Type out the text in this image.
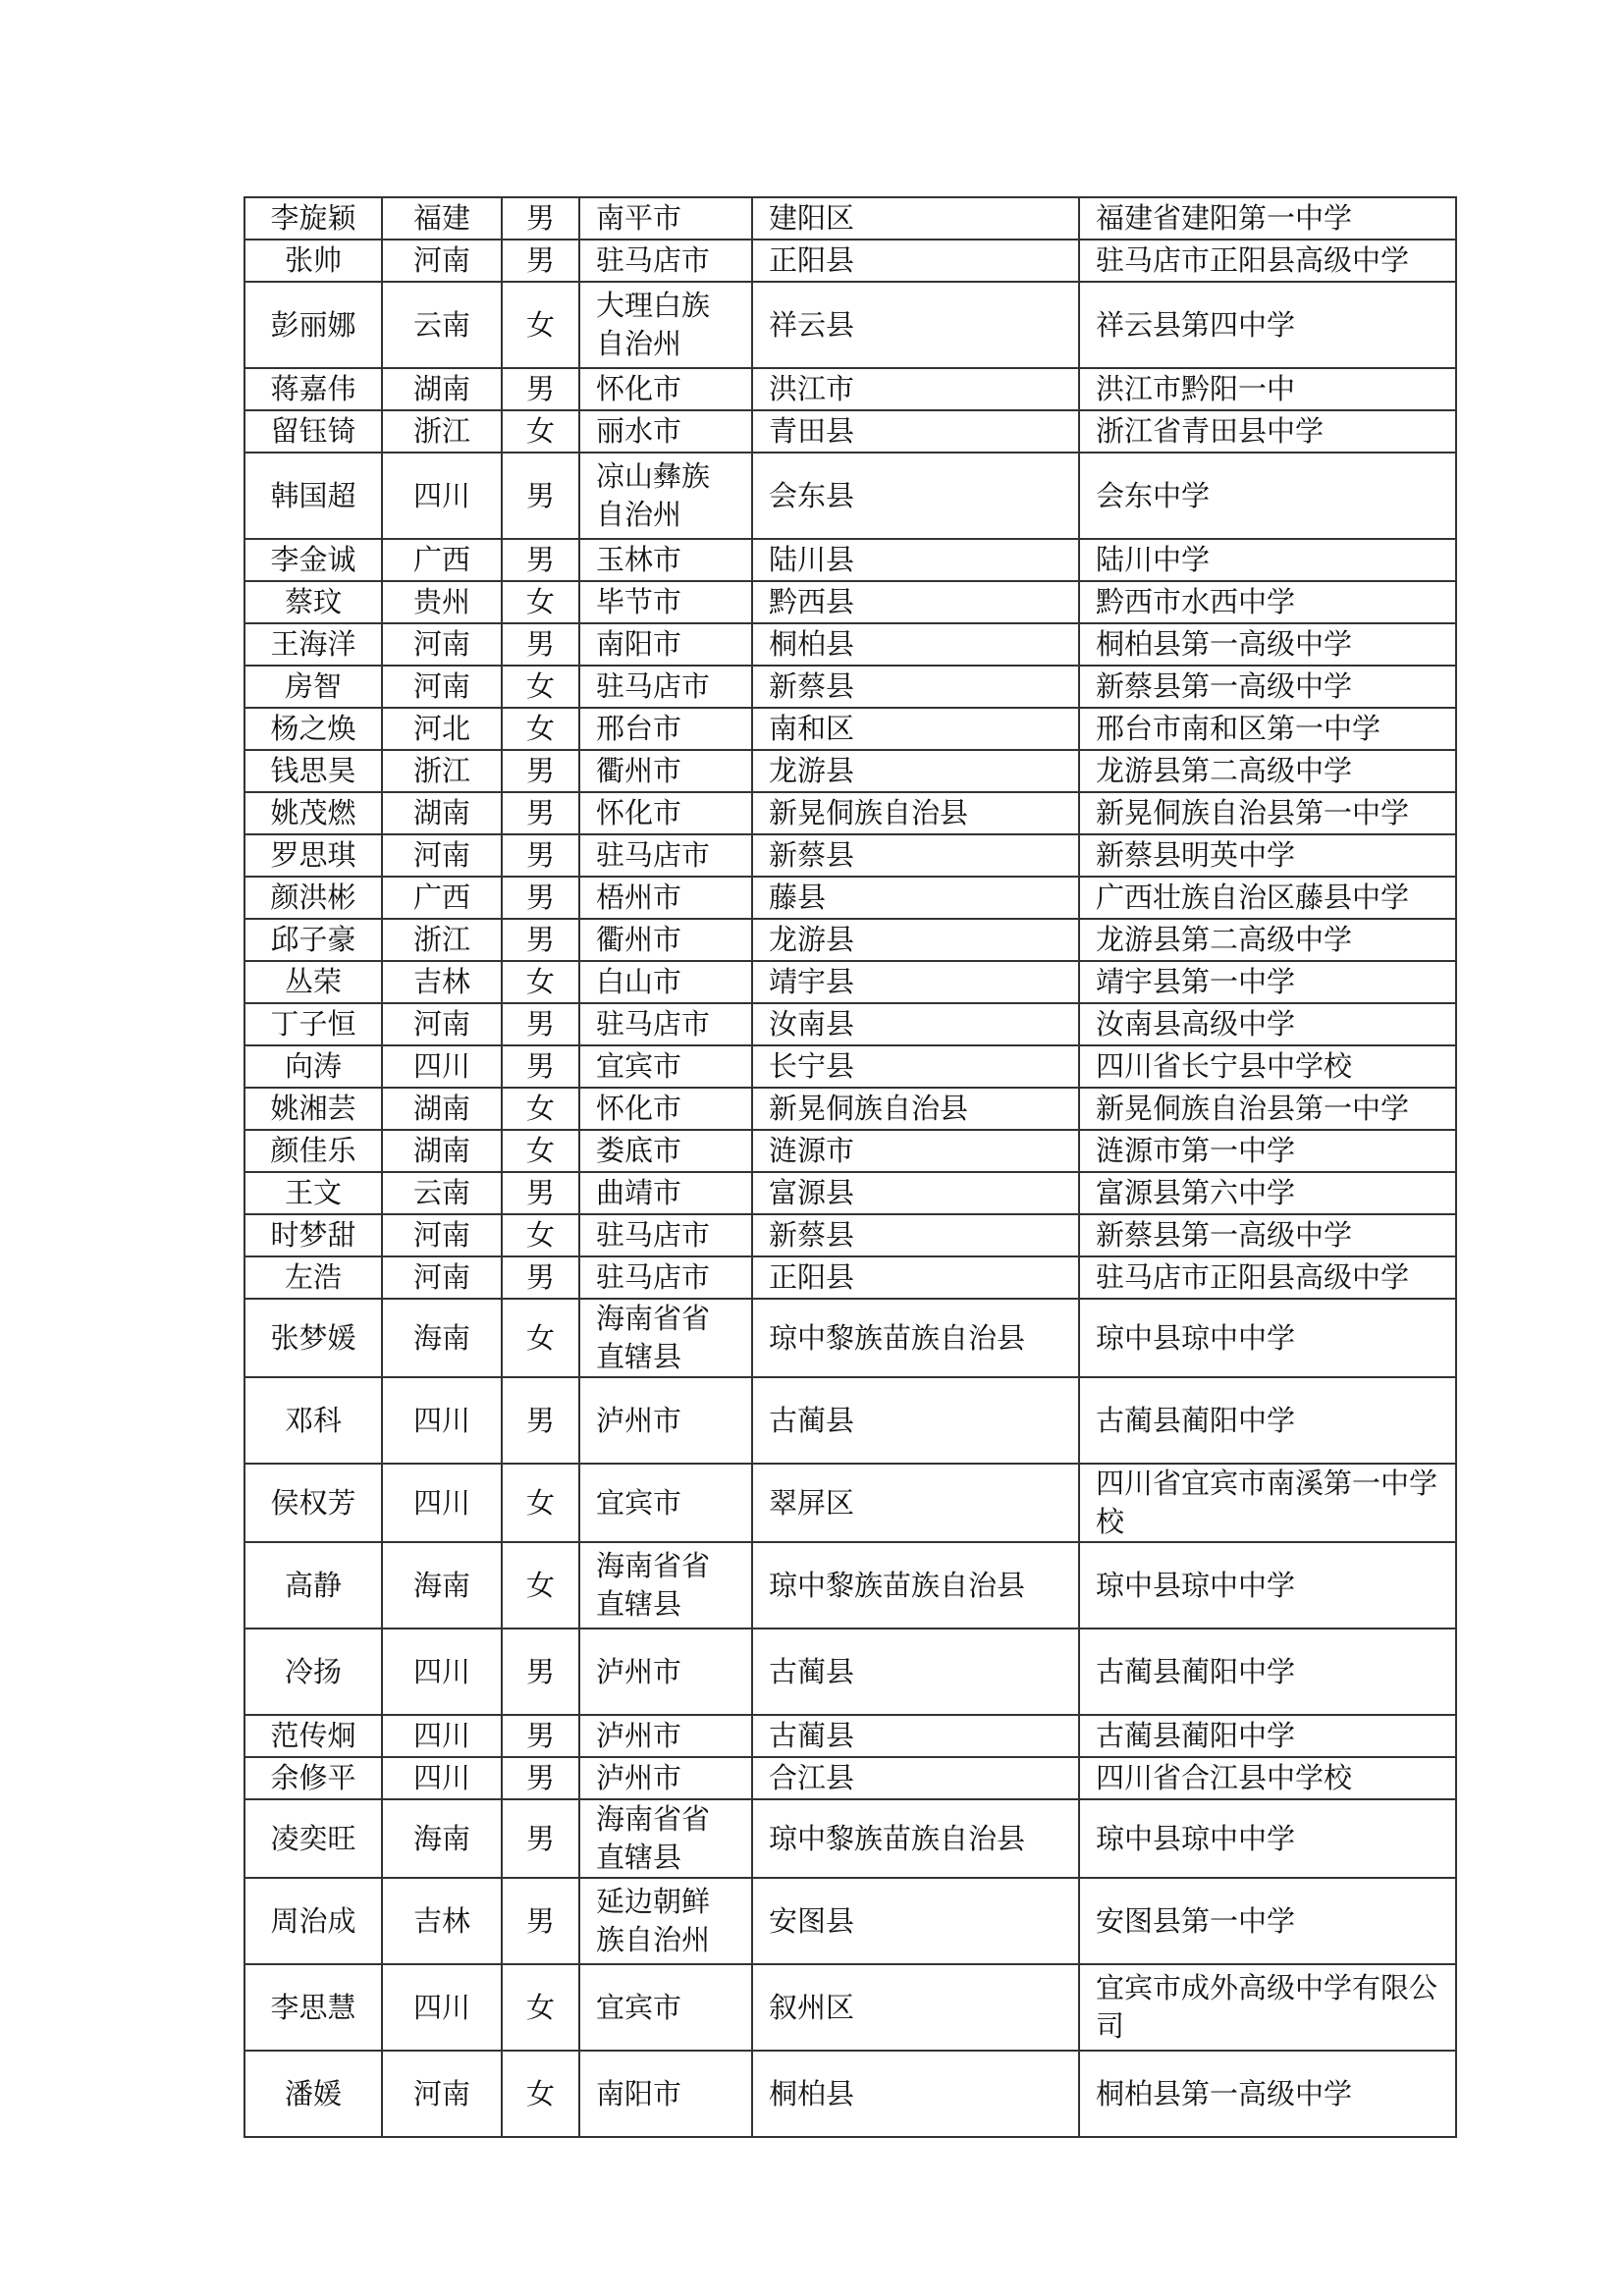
李旋颖	福建	男	南平市	建阳区	福建省建阳第一中学
张帅	河南	男	驻马店市	正阳县	驻马店市正阳县高级中学
彭丽娜	云南	女	大理白族自治州	祥云县	祥云县第四中学
蒋嘉伟	湖南	男	怀化市	洪江市	洪江市黔阳一中
留钰锜	浙江	女	丽水市	青田县	浙江省青田县中学
韩国超	四川	男	凉山彝族自治州	会东县	会东中学
李金诚	广西	男	玉林市	陆川县	陆川中学
蔡玟	贵州	女	毕节市	黔西县	黔西市水西中学
王海洋	河南	男	南阳市	桐柏县	桐柏县第一高级中学
房智	河南	女	驻马店市	新蔡县	新蔡县第一高级中学
杨之焕	河北	女	邢台市	南和区	邢台市南和区第一中学
钱思昊	浙江	男	衢州市	龙游县	龙游县第二高级中学
姚茂燃	湖南	男	怀化市	新晃侗族自治县	新晃侗族自治县第一中学
罗思琪	河南	男	驻马店市	新蔡县	新蔡县明英中学
颜洪彬	广西	男	梧州市	藤县	广西壮族自治区藤县中学
邱子豪	浙江	男	衢州市	龙游县	龙游县第二高级中学
丛荣	吉林	女	白山市	靖宇县	靖宇县第一中学
丁子恒	河南	男	驻马店市	汝南县	汝南县高级中学
向涛	四川	男	宜宾市	长宁县	四川省长宁县中学校
姚湘芸	湖南	女	怀化市	新晃侗族自治县	新晃侗族自治县第一中学
颜佳乐	湖南	女	娄底市	涟源市	涟源市第一中学
王文	云南	男	曲靖市	富源县	富源县第六中学
时梦甜	河南	女	驻马店市	新蔡县	新蔡县第一高级中学
左浩	河南	男	驻马店市	正阳县	驻马店市正阳县高级中学
张梦媛	海南	女	海南省省直辖县	琼中黎族苗族自治县	琼中县琼中中学
邓科	四川	男	泸州市	古蔺县	古蔺县蔺阳中学
侯权芳	四川	女	宜宾市	翠屏区	四川省宜宾市南溪第一中学校
高静	海南	女	海南省省直辖县	琼中黎族苗族自治县	琼中县琼中中学
冷扬	四川	男	泸州市	古蔺县	古蔺县蔺阳中学
范传炯	四川	男	泸州市	古蔺县	古蔺县蔺阳中学
余修平	四川	男	泸州市	合江县	四川省合江县中学校
凌奕旺	海南	男	海南省省直辖县	琼中黎族苗族自治县	琼中县琼中中学
周治成	吉林	男	延边朝鲜族自治州	安图县	安图县第一中学
李思慧	四川	女	宜宾市	叙州区	宜宾市成外高级中学有限公司
潘媛	河南	女	南阳市	桐柏县	桐柏县第一高级中学
